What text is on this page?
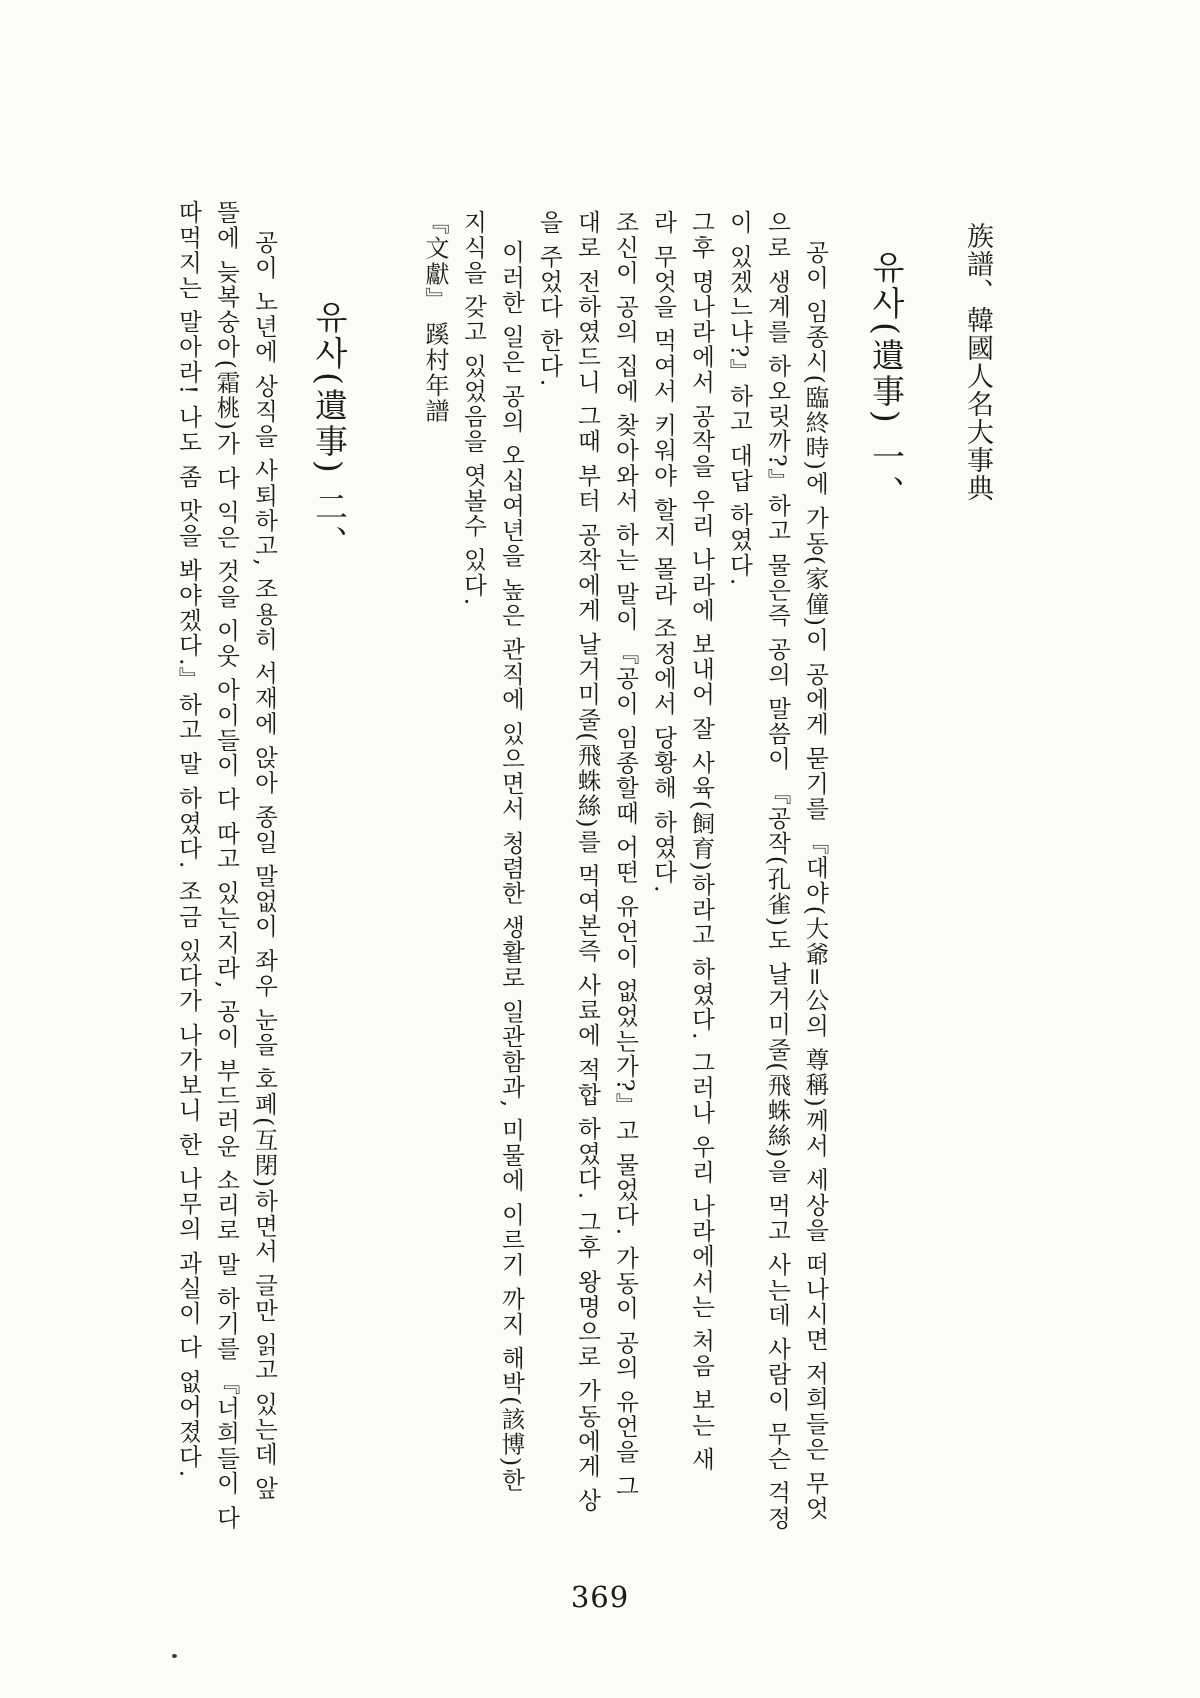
族譜、韓國人名大事典
유사(遺事) 一、
공이 임종시(臨終時)에 가동(家僮)이 공에게 묻기를 『대야(大爺=公의 尊稱)께서 세상을 떠나시면 저희들은 무엇
으로 생계를 하오릿까?』하고 물은즉 공의 말씀이 『공작(孔雀)도 날거미줄(飛蛛絲)을 먹고 사는데 사람이 무슨 걱정
이 있겠느냐?』하고 대답 하였다.
그후 명나라에서 공작을 우리 나라에 보내어 잘 사육(飼育)하라고 하였다. 그러나 우리 나라에서는 처음 보는 새
라 무엇을 먹여서 키워야 할지 몰라 조정에서 당황해 하였다.
조신이 공의 집에 찾아와서 하는 말이 『공이 임종할때 어떤 유언이 없었는가?』고 물었다. 가동이 공의 유언을 그
대로 전하였드니 그때 부터 공작에게 날거미줄(飛蛛絲)를 먹여본즉 사료에 적합 하였다. 그후 왕명으로 가동에게 상
을 주었다 한다.
이러한 일은 공의 오십여년을 높은 관직에 있으면서 청렴한 생활로 일관함과, 미물에 이르기 까지 해박(該博)한
지식을 갖고 있었음을 엿볼수 있다.
『文獻』 蹊村年譜
유사(遺事) 二、
공이 노년에 상직을 사퇴하고, 조용히 서재에 앉아 종일 말없이 좌우 눈을 호폐(互閉)하면서 글만 읽고 있는데 앞
뜰에 늦복숭아(霜桃)가 다 익은 것을 이웃 아이들이 다 따고 있는지라, 공이 부드러운 소리로 말 하기를 『너희들이 다
따먹지는 말아라! 나도 좀 맛을 봐야겠다.』하고 말 하였다. 조금 있다가 나가보니 한 나무의 과실이 다 없어졌다.
369
